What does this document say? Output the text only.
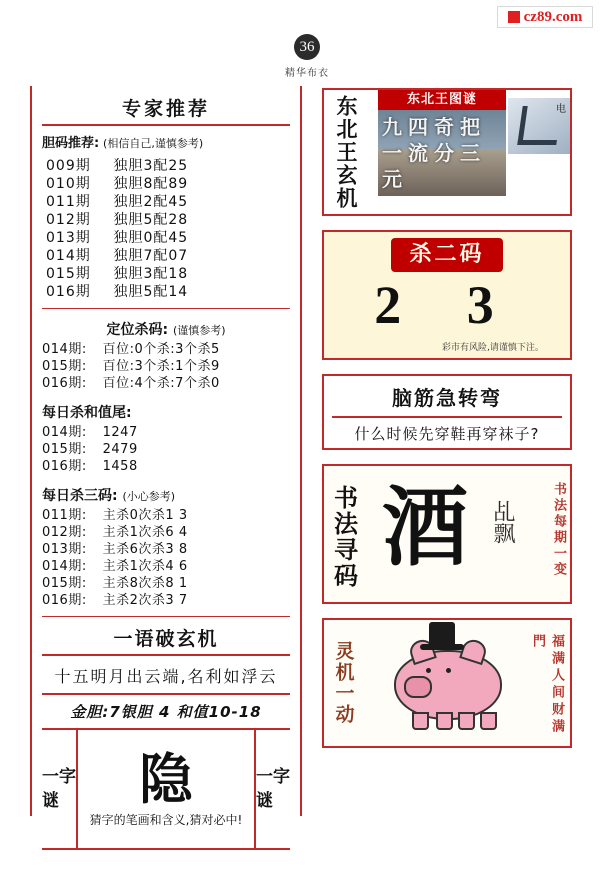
cz89.com
36
精华布衣
专家推荐
胆码推荐: (相信自己,谨慎参考)
009期 独胆3配25
010期 独胆8配89
011期 独胆2配45
012期 独胆5配28
013期 独胆0配45
014期 独胆7配07
015期 独胆3配18
016期 独胆5配14
定位杀码: (谨慎参考)
014期: 百位:0个杀:3个杀5
015期: 百位:3个杀:1个杀9
016期: 百位:4个杀:7个杀0
每日杀和值尾:
014期: 1247
015期: 2479
016期: 1458
每日杀三码: (小心参考)
011期: 主杀0次杀1 3
012期: 主杀1次杀6 4
013期: 主杀6次杀3 8
014期: 主杀1次杀4 6
015期: 主杀8次杀8 1
016期: 主杀2次杀3 7
一语破玄机
十五明月出云端,名利如浮云
金胆:7银胆 4 和值10-18
一字谜	隐
猜字的笔画和含义,猜对必中!
一字谜
东北王玄机	东北王图谜
九四奇把一流分三元
电
杀二码
2 3
彩市有风险,请谨慎下注。
脑筋急转弯
什么时候先穿鞋再穿袜子?
书法寻码 酒 乩飘	书法每期一变
灵机一动	福满人间财满門
